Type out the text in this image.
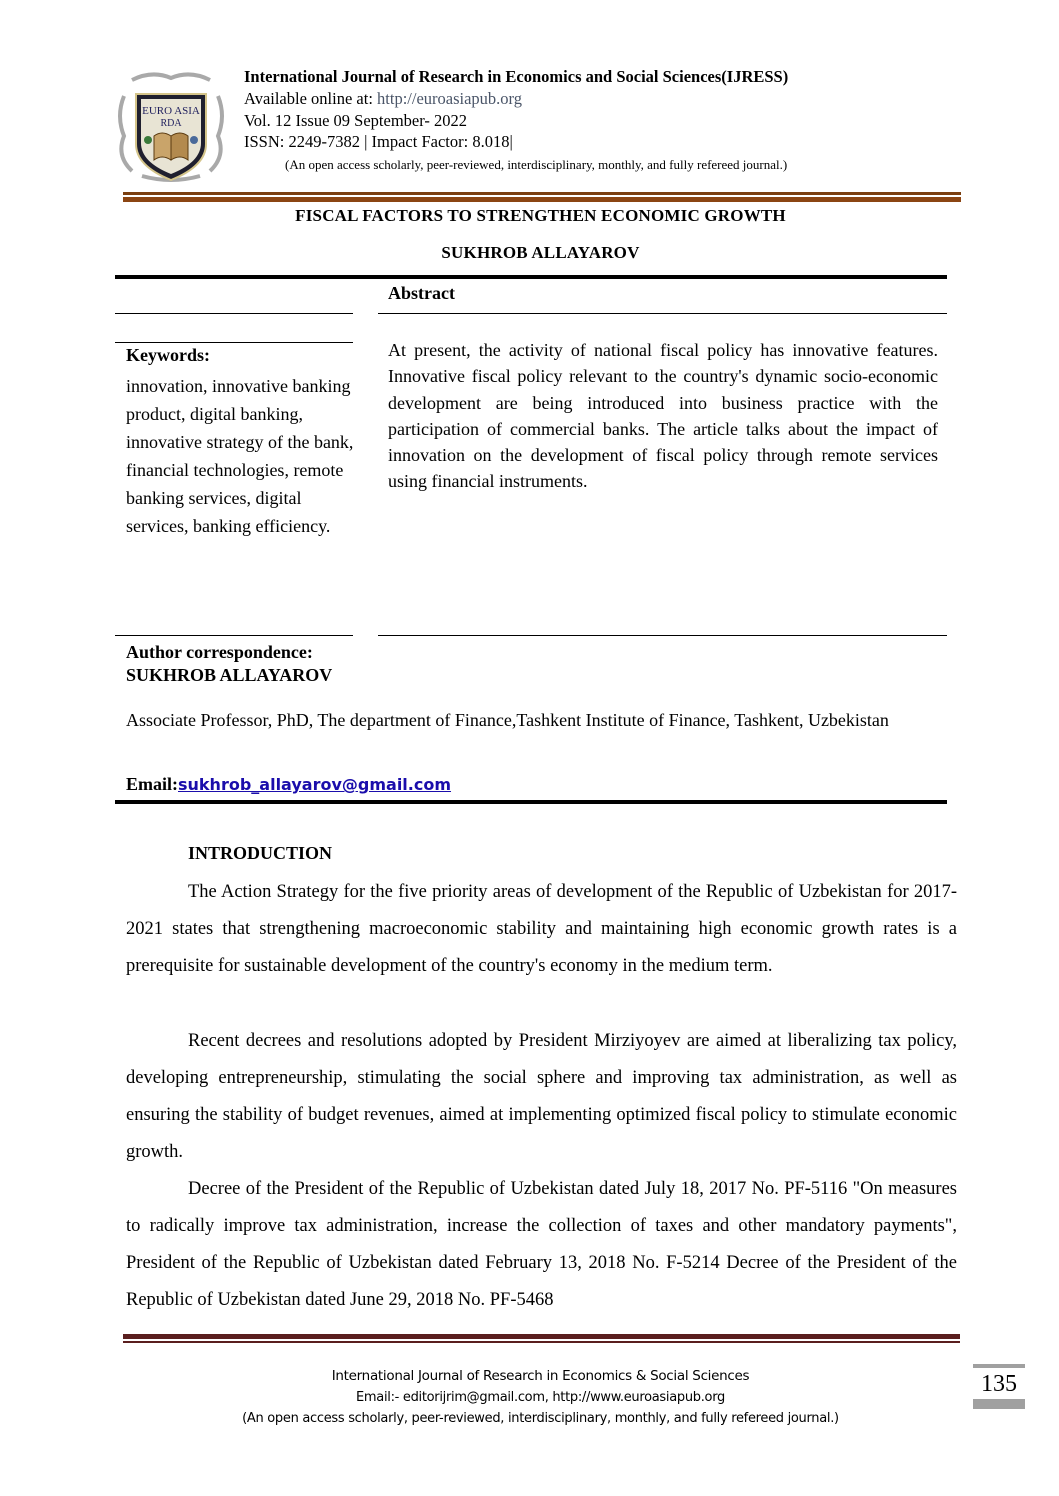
EURO ASIA
RDA
International Journal of Research in Economics and Social Sciences(IJRESS)
Available online at: http://euroasiapub.org
Vol. 12 Issue 09 September- 2022
ISSN: 2249-7382 | Impact Factor: 8.018|
(An open access scholarly, peer-reviewed, interdisciplinary, monthly, and fully refereed journal.)
FISCAL FACTORS TO STRENGTHEN ECONOMIC GROWTH
SUKHROB ALLAYAROV
Abstract
Keywords:
innovation, innovative banking product, digital banking, innovative strategy of the bank, financial technologies, remote banking services, digital services, banking efficiency.
At present, the activity of national fiscal policy has innovative features. Innovative fiscal policy relevant to the country's dynamic socio-economic development are being introduced into business practice with the participation of commercial banks. The article talks about the impact of innovation on the development of fiscal policy through remote services using financial instruments.
Author correspondence:
SUKHROB ALLAYAROV
Associate Professor, PhD, The department of Finance,Tashkent Institute of Finance, Tashkent, Uzbekistan
Email:sukhrob_allayarov@gmail.com
INTRODUCTION
The Action Strategy for the five priority areas of development of the Republic of Uzbekistan for 2017-2021 states that strengthening macroeconomic stability and maintaining high economic growth rates is a prerequisite for sustainable development of the country's economy in the medium term.
Recent decrees and resolutions adopted by President Mirziyoyev are aimed at liberalizing tax policy, developing entrepreneurship, stimulating the social sphere and improving tax administration, as well as ensuring the stability of budget revenues, aimed at implementing optimized fiscal policy to stimulate economic growth.
Decree of the President of the Republic of Uzbekistan dated July 18, 2017 No. PF-5116 "On measures to radically improve tax administration, increase the collection of taxes and other mandatory payments", President of the Republic of Uzbekistan dated February 13, 2018 No. F-5214 Decree of the President of the Republic of Uzbekistan dated June 29, 2018 No. PF-5468
International Journal of Research in Economics & Social Sciences
Email:- editorijrim@gmail.com, http://www.euroasiapub.org
(An open access scholarly, peer-reviewed, interdisciplinary, monthly, and fully refereed journal.)
135
